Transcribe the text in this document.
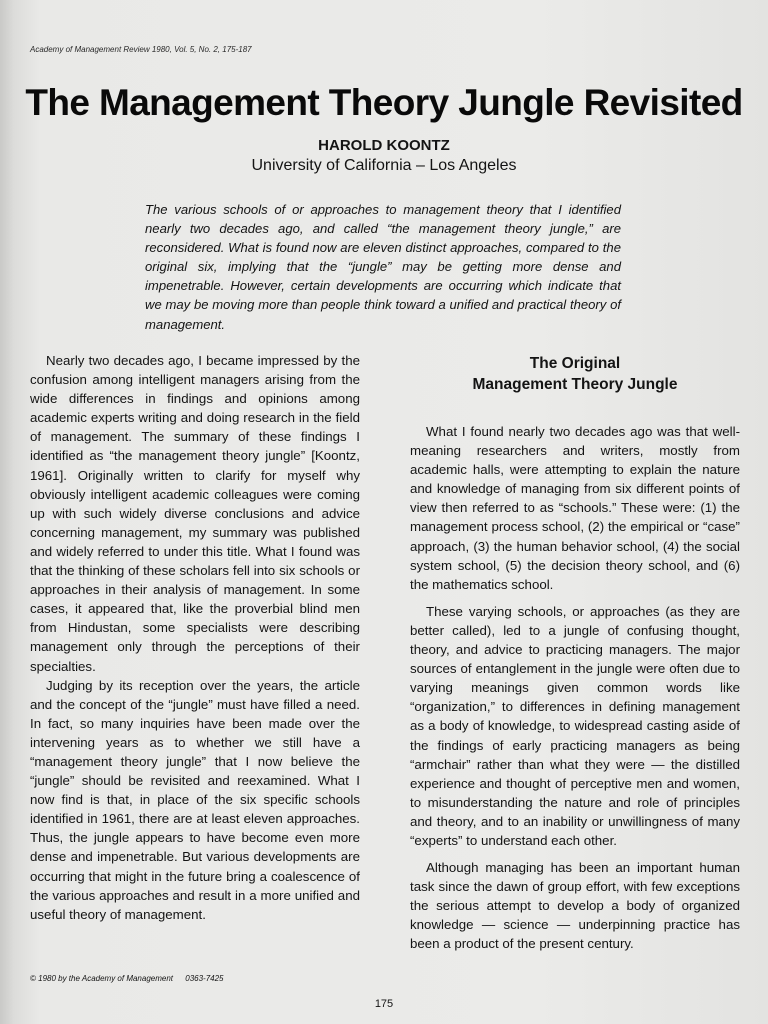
Academy of Management Review 1980, Vol. 5, No. 2, 175-187
The Management Theory Jungle Revisited
HAROLD KOONTZ
University of California – Los Angeles
The various schools of or approaches to management theory that I identified nearly two decades ago, and called “the management theory jungle,” are reconsidered. What is found now are eleven distinct approaches, compared to the original six, implying that the “jungle” may be getting more dense and impenetrable. However, certain developments are occurring which indicate that we may be moving more than people think toward a unified and practical theory of management.

Nearly two decades ago, I became impressed by the confusion among intelligent managers arising from the wide differences in findings and opinions among academic experts writing and doing research in the field of management. The summary of these findings I identified as “the management theory jungle” [Koontz, 1961]. Originally written to clarify for myself why obviously intelligent academic colleagues were coming up with such widely diverse conclusions and advice concerning management, my summary was published and widely referred to under this title. What I found was that the thinking of these scholars fell into six schools or approaches in their analysis of management. In some cases, it appeared that, like the proverbial blind men from Hindustan, some specialists were describing management only through the perceptions of their specialties.

Judging by its reception over the years, the article and the concept of the “jungle” must have filled a need. In fact, so many inquiries have been made over the intervening years as to whether we still have a “management theory jungle” that I now believe the “jungle” should be revisited and reexamined. What I now find is that, in place of the six specific schools identified in 1961, there are at least eleven approaches. Thus, the jungle appears to have become even more dense and impenetrable. But various developments are occurring that might in the future bring a coalescence of the various approaches and result in a more unified and useful theory of management.

The Original
Management Theory Jungle

What I found nearly two decades ago was that well-meaning researchers and writers, mostly from academic halls, were attempting to explain the nature and knowledge of managing from six different points of view then referred to as “schools.” These were: (1) the management process school, (2) the empirical or “case” approach, (3) the human behavior school, (4) the social system school, (5) the decision theory school, and (6) the mathematics school.

These varying schools, or approaches (as they are better called), led to a jungle of confusing thought, theory, and advice to practicing managers. The major sources of entanglement in the jungle were often due to varying meanings given common words like “organization,” to differences in defining management as a body of knowledge, to widespread casting aside of the findings of early practicing managers as being “armchair” rather than what they were — the distilled experience and thought of perceptive men and women, to misunderstanding the nature and role of principles and theory, and to an inability or unwillingness of many “experts” to understand each other.

Although managing has been an important human task since the dawn of group effort, with few exceptions the serious attempt to develop a body of organized knowledge — science — underpinning practice has been a product of the present century.

© 1980 by the Academy of Management 0363-7425
175
